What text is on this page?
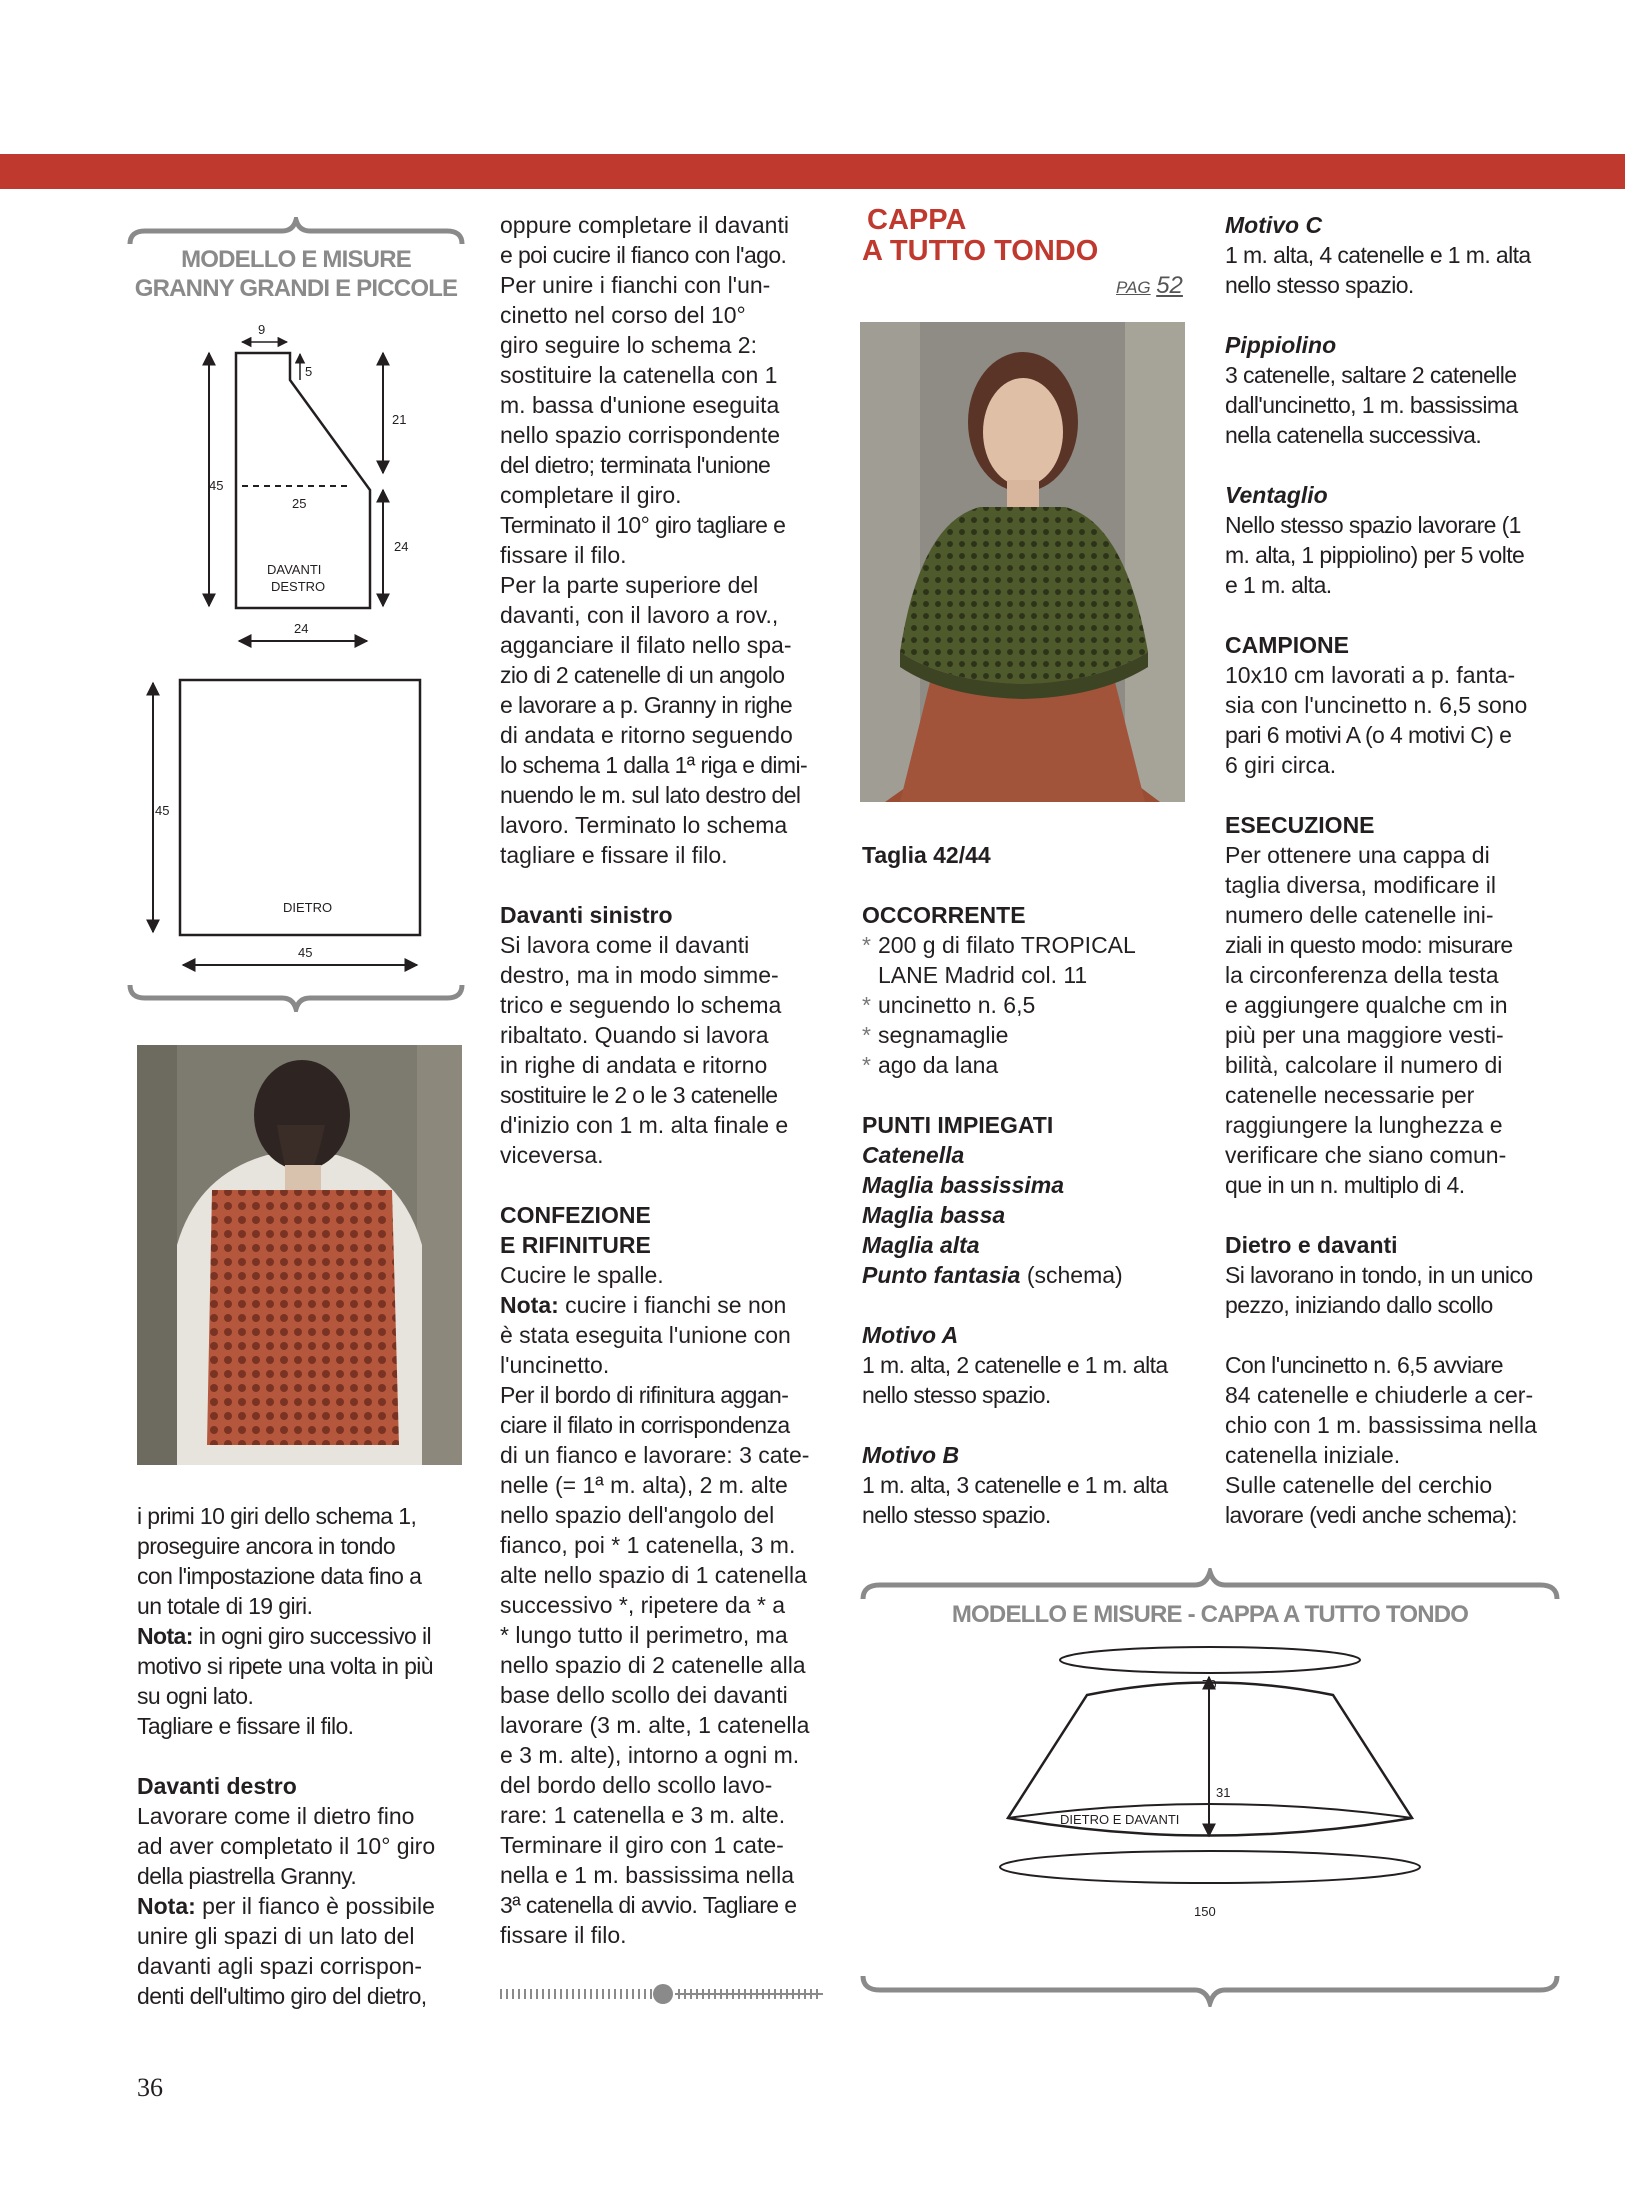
MODELLO E MISURE
GRANNY GRANDI E PICCOLE
9
5
45
21
25
24
DAVANTI
DESTRO
24
45
DIETRO
45

i primi 10 giri dello schema 1,

proseguire ancora in tondo

con l'impostazione data fino a

un totale di 19 giri.

Nota: in ogni giro successivo il

motivo si ripete una volta in più

su ogni lato.

Tagliare e fissare il filo.

Davanti destro

Lavorare come il dietro fino

ad aver completato il 10° giro

della piastrella Granny.

Nota: per il fianco è possibile

unire gli spazi di un lato del

davanti agli spazi corrispon-

denti dell'ultimo giro del dietro,

oppure completare il davanti

e poi cucire il fianco con l'ago.

Per unire i fianchi con l'un-

cinetto nel corso del 10°

giro seguire lo schema 2:

sostituire la catenella con 1

m. bassa d'unione eseguita

nello spazio corrispondente

del dietro; terminata l'unione

completare il giro.

Terminato il 10° giro tagliare e

fissare il filo.

Per la parte superiore del

davanti, con il lavoro a rov.,

agganciare il filato nello spa-

zio di 2 catenelle di un angolo

e lavorare a p. Granny in righe

di andata e ritorno seguendo

lo schema 1 dalla 1ª riga e dimi-

nuendo le m. sul lato destro del

lavoro. Terminato lo schema

tagliare e fissare il filo.

Davanti sinistro

Si lavora come il davanti

destro, ma in modo simme-

trico e seguendo lo schema

ribaltato. Quando si lavora

in righe di andata e ritorno

sostituire le 2 o le 3 catenelle

d'inizio con 1 m. alta finale e

viceversa.

CONFEZIONE

E RIFINITURE

Cucire le spalle.

Nota: cucire i fianchi se non

è stata eseguita l'unione con

l'uncinetto.

Per il bordo di rifinitura aggan-

ciare il filato in corrispondenza

di un fianco e lavorare: 3 cate-

nelle (= 1ª m. alta), 2 m. alte

nello spazio dell'angolo del

fianco, poi * 1 catenella, 3 m.

alte nello spazio di 1 catenella

successivo *, ripetere da * a

* lungo tutto il perimetro, ma

nello spazio di 2 catenelle alla

base dello scollo dei davanti

lavorare (3 m. alte, 1 catenella

e 3 m. alte), intorno a ogni m.

del bordo dello scollo lavo-

rare: 1 catenella e 3 m. alte.

Terminare il giro con 1 cate-

nella e 1 m. bassissima nella

3ª catenella di avvio. Tagliare e

fissare il filo.

CAPPA
A TUTTO TONDO
PAG 52

Taglia 42/44

OCCORRENTE

* 200 g di filato TROPICAL LANE Madrid col. 11
* uncinetto n. 6,5
* segnamaglie
* ago da lana

PUNTI IMPIEGATI

Catenella

Maglia bassissima

Maglia bassa

Maglia alta

Punto fantasia (schema)

Motivo A

1 m. alta, 2 catenelle e 1 m. alta

nello stesso spazio.

Motivo B

1 m. alta, 3 catenelle e 1 m. alta

nello stesso spazio.

Motivo C

1 m. alta, 4 catenelle e 1 m. alta

nello stesso spazio.

Pippiolino

3 catenelle, saltare 2 catenelle

dall'uncinetto, 1 m. bassissima

nella catenella successiva.

Ventaglio

Nello stesso spazio lavorare (1

m. alta, 1 pippiolino) per 5 volte

e 1 m. alta.

CAMPIONE

10x10 cm lavorati a p. fanta-

sia con l'uncinetto n. 6,5 sono

pari 6 motivi A (o 4 motivi C) e

6 giri circa.

ESECUZIONE

Per ottenere una cappa di

taglia diversa, modificare il

numero delle catenelle ini-

ziali in questo modo: misurare

la circonferenza della testa

e aggiungere qualche cm in

più per una maggiore vesti-

bilità, calcolare il numero di

catenelle necessarie per

raggiungere la lunghezza e

verificare che siano comun-

que in un n. multiplo di 4.

Dietro e davanti

Si lavorano in tondo, in un unico

pezzo, iniziando dallo scollo

Con l'uncinetto n. 6,5 avviare

84 catenelle e chiuderle a cer-

chio con 1 m. bassissima nella

catenella iniziale.

Sulle catenelle del cerchio

lavorare (vedi anche schema):

MODELLO E MISURE - CAPPA A TUTTO TONDO
70
31
DIETRO E DAVANTI
150
36
